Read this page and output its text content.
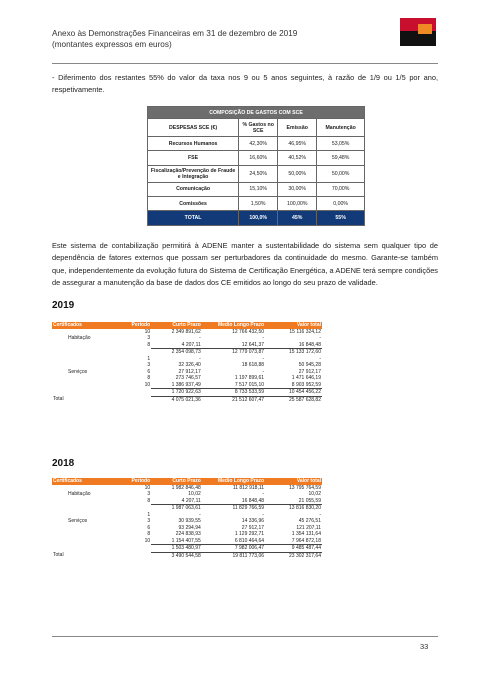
Anexo às Demonstrações Financeiras em 31 de dezembro de 2019
(montantes expressos em euros)
- Diferimento dos restantes 55% do valor da taxa nos 9 ou 5 anos seguintes, à razão de 1/9 ou 1/5 por ano, respetivamente.
COMPOSIÇÃO DE GASTOS COM SCE			
DESPESAS SCE (€)	% Gastos no SCE	Emissão	Manutenção
Recursos Humanos	42,30%	46,95%	53,05%
FSE	16,60%	40,52%	59,48%
Fiscalização/Prevenção de Fraude e Integração	24,50%	50,00%	50,00%
Comunicação	15,10%	30,00%	70,00%
Comissões	1,50%	100,00%	0,00%
TOTAL	100,0%	45%	55%
Este sistema de contabilização permitirá à ADENE manter a sustentabilidade do sistema sem qualquer tipo de dependência de fatores externos que possam ser perturbadores da continuidade do mesmo. Garante-se também que, independentemente da evolução futura do Sistema de Certificação Energética, a ADENE terá sempre condições de assegurar a manutenção da base de dados dos CE emitidos ao longo do seu prazo de validade.
2019
Certificados	Período	Curto Prazo	Medio Longo Prazo	Valor total
	10	2 349 891,62	12 766 432,50	15 116 324,12
Habitação	3	-	-	-
	8	4 207,11	12 641,37	16 848,48
		2 354 098,73	12 779 073,87	15 133 172,60
	1	-	-	-
	3	32 326,40	18 618,88	50 945,28
Serviços	6	27 912,17	-	27 912,17
	8	273 746,57	1 197 899,61	1 471 646,19
	10	1 386 937,49	7 517 015,10	8 903 952,59
		1 720 922,63	8 733 533,59	10 454 456,22
Total		4 075 021,36	21 512 607,47	25 587 628,82
2018
Certificados	Período	Curto Prazo	Medio Longo Prazo	Valor total
	10	1 982 846,48	11 812 918,11	13 795 764,59
Habitação	3	10,02	-	10,02
	8	4 207,11	16 848,48	21 055,59
		1 987 063,61	11 829 766,59	13 816 830,20
	1	-	-	-
Serviços	3	30 939,55	14 336,96	45 276,51
	6	93 294,94	27 912,17	121 207,11
	8	224 838,93	1 129 292,71	1 354 131,64
	10	1 154 407,55	6 810 464,64	7 964 872,18
		1 503 480,97	7 982 006,47	9 485 487,44
Total		3 490 544,58	19 811 773,06	23 302 317,64
33
